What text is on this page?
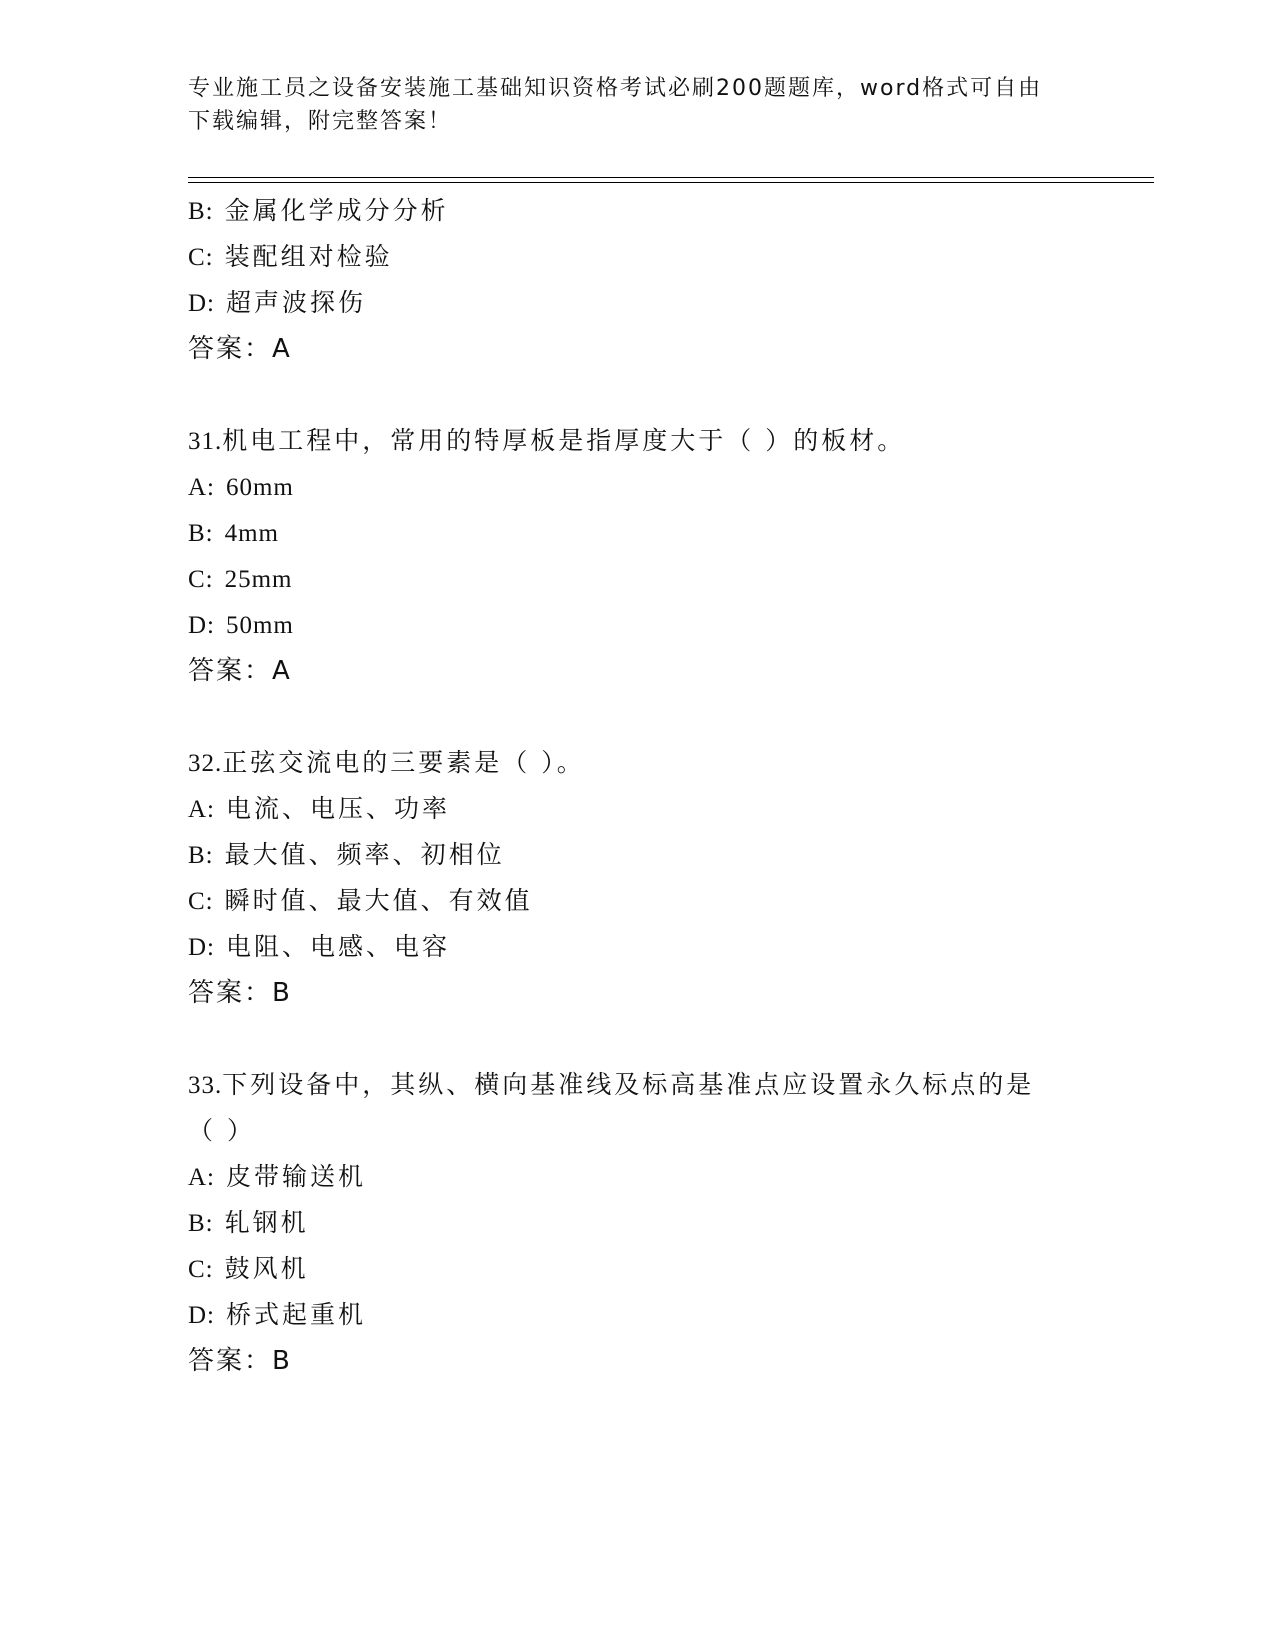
专业施工员之设备安装施工基础知识资格考试必刷200题题库，word格式可自由
下载编辑，附完整答案！
B: 金属化学成分分析
C: 装配组对检验
D: 超声波探伤
答案：A
31.机电工程中，常用的特厚板是指厚度大于（ ）的板材。
A: 60mm
B: 4mm
C: 25mm
D: 50mm
答案：A
32.正弦交流电的三要素是（ ）。
A: 电流、电压、功率
B: 最大值、频率、初相位
C: 瞬时值、最大值、有效值
D: 电阻、电感、电容
答案：B
33.下列设备中，其纵、横向基准线及标高基准点应设置永久标点的是
（ ）
A: 皮带输送机
B: 轧钢机
C: 鼓风机
D: 桥式起重机
答案：B
